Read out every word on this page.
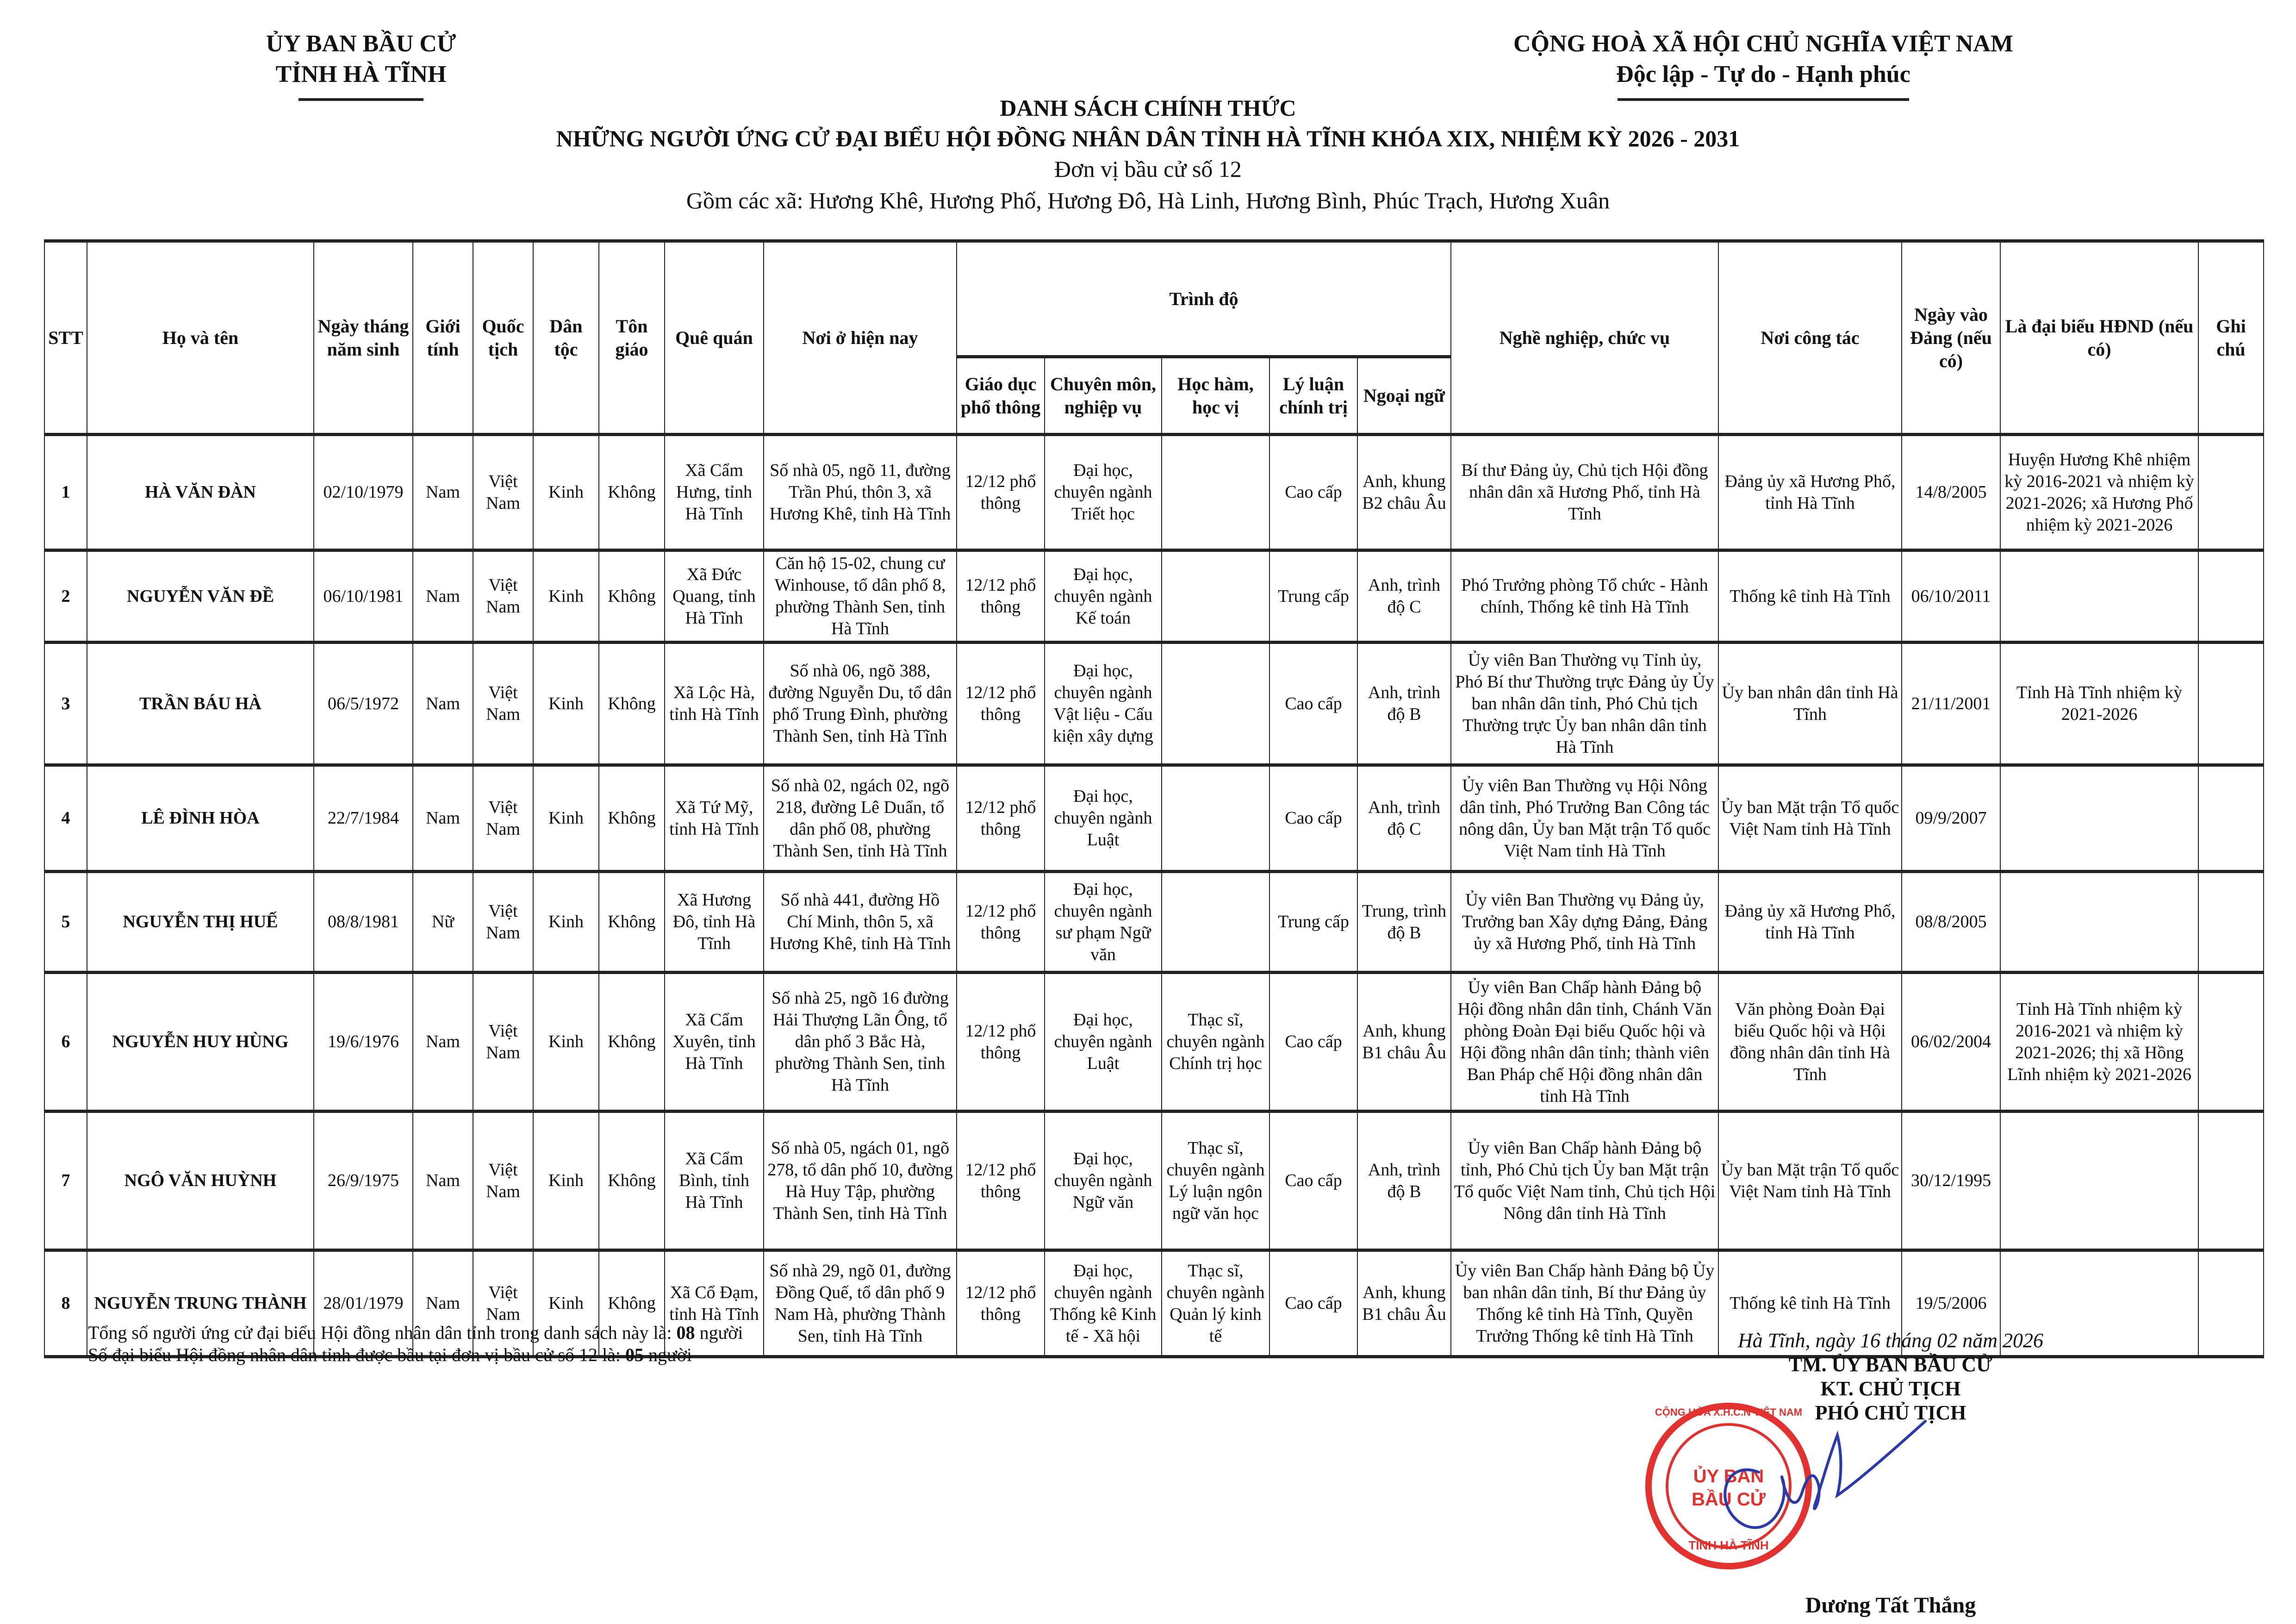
ỦY BAN BẦU CỬ
TỈNH HÀ TĨNH
CỘNG HOÀ XÃ HỘI CHỦ NGHĨA VIỆT NAM
Độc lập - Tự do - Hạnh phúc
DANH SÁCH CHÍNH THỨC
NHỮNG NGƯỜI ỨNG CỬ ĐẠI BIỂU HỘI ĐỒNG NHÂN DÂN TỈNH HÀ TĨNH KHÓA XIX, NHIỆM KỲ 2026 - 2031
Đơn vị bầu cử số 12
Gồm các xã: Hương Khê, Hương Phố, Hương Đô, Hà Linh, Hương Bình, Phúc Trạch, Hương Xuân
STT	Họ và tên	Ngày tháng năm sinh	Giới tính	Quốc tịch	Dân tộc	Tôn giáo	Quê quán	Nơi ở hiện nay	Trình độ					Nghề nghiệp, chức vụ	Nơi công tác	Ngày vào Đảng (nếu có)	Là đại biểu HĐND (nếu có)	Ghi chú
									Giáo dục phổ thông	Chuyên môn, nghiệp vụ	Học hàm, học vị	Lý luận chính trị	Ngoại ngữ					
1	HÀ VĂN ĐÀN	02/10/1979	Nam	Việt Nam	Kinh	Không	Xã Cẩm Hưng, tỉnh Hà Tĩnh	Số nhà 05, ngõ 11, đường Trần Phú, thôn 3, xã Hương Khê, tỉnh Hà Tĩnh	12/12 phổ thông	Đại học, chuyên ngành Triết học		Cao cấp	Anh, khung B2 châu Âu	Bí thư Đảng ủy, Chủ tịch Hội đồng nhân dân xã Hương Phố, tỉnh Hà Tĩnh	Đảng ủy xã Hương Phố, tỉnh Hà Tĩnh	14/8/2005	Huyện Hương Khê nhiệm kỳ 2016-2021 và nhiệm kỳ 2021-2026; xã Hương Phố nhiệm kỳ 2021-2026	
2	NGUYỄN VĂN ĐỀ	06/10/1981	Nam	Việt Nam	Kinh	Không	Xã Đức Quang, tỉnh Hà Tĩnh	Căn hộ 15-02, chung cư Winhouse, tổ dân phố 8, phường Thành Sen, tỉnh Hà Tĩnh	12/12 phổ thông	Đại học, chuyên ngành Kế toán		Trung cấp	Anh, trình độ C	Phó Trưởng phòng Tổ chức - Hành chính, Thống kê tỉnh Hà Tĩnh	Thống kê tỉnh Hà Tĩnh	06/10/2011		
3	TRẦN BÁU HÀ	06/5/1972	Nam	Việt Nam	Kinh	Không	Xã Lộc Hà, tỉnh Hà Tĩnh	Số nhà 06, ngõ 388, đường Nguyễn Du, tổ dân phố Trung Đình, phường Thành Sen, tỉnh Hà Tĩnh	12/12 phổ thông	Đại học, chuyên ngành Vật liệu - Cấu kiện xây dựng		Cao cấp	Anh, trình độ B	Ủy viên Ban Thường vụ Tỉnh ủy, Phó Bí thư Thường trực Đảng ủy Ủy ban nhân dân tỉnh, Phó Chủ tịch Thường trực Ủy ban nhân dân tỉnh Hà Tĩnh	Ủy ban nhân dân tỉnh Hà Tĩnh	21/11/2001	Tỉnh Hà Tĩnh nhiệm kỳ 2021-2026	
4	LÊ ĐÌNH HÒA	22/7/1984	Nam	Việt Nam	Kinh	Không	Xã Tứ Mỹ, tỉnh Hà Tĩnh	Số nhà 02, ngách 02, ngõ 218, đường Lê Duẩn, tổ dân phố 08, phường Thành Sen, tỉnh Hà Tĩnh	12/12 phổ thông	Đại học, chuyên ngành Luật		Cao cấp	Anh, trình độ C	Ủy viên Ban Thường vụ Hội Nông dân tỉnh, Phó Trưởng Ban Công tác nông dân, Ủy ban Mặt trận Tổ quốc Việt Nam tỉnh Hà Tĩnh	Ủy ban Mặt trận Tổ quốc Việt Nam tỉnh Hà Tĩnh	09/9/2007		
5	NGUYỄN THỊ HUẾ	08/8/1981	Nữ	Việt Nam	Kinh	Không	Xã Hương Đô, tỉnh Hà Tĩnh	Số nhà 441, đường Hồ Chí Minh, thôn 5, xã Hương Khê, tỉnh Hà Tĩnh	12/12 phổ thông	Đại học, chuyên ngành sư phạm Ngữ văn		Trung cấp	Trung, trình độ B	Ủy viên Ban Thường vụ Đảng ủy, Trưởng ban Xây dựng Đảng, Đảng ủy xã Hương Phố, tỉnh Hà Tĩnh	Đảng ủy xã Hương Phố, tỉnh Hà Tĩnh	08/8/2005		
6	NGUYỄN HUY HÙNG	19/6/1976	Nam	Việt Nam	Kinh	Không	Xã Cẩm Xuyên, tỉnh Hà Tĩnh	Số nhà 25, ngõ 16 đường Hải Thượng Lãn Ông, tổ dân phố 3 Bắc Hà, phường Thành Sen, tỉnh Hà Tĩnh	12/12 phổ thông	Đại học, chuyên ngành Luật	Thạc sĩ, chuyên ngành Chính trị học	Cao cấp	Anh, khung B1 châu Âu	Ủy viên Ban Chấp hành Đảng bộ Hội đồng nhân dân tỉnh, Chánh Văn phòng Đoàn Đại biểu Quốc hội và Hội đồng nhân dân tỉnh; thành viên Ban Pháp chế Hội đồng nhân dân tỉnh Hà Tĩnh	Văn phòng Đoàn Đại biểu Quốc hội và Hội đồng nhân dân tỉnh Hà Tĩnh	06/02/2004	Tỉnh Hà Tĩnh nhiệm kỳ 2016-2021 và nhiệm kỳ 2021-2026; thị xã Hồng Lĩnh nhiệm kỳ 2021-2026	
7	NGÔ VĂN HUỲNH	26/9/1975	Nam	Việt Nam	Kinh	Không	Xã Cẩm Bình, tỉnh Hà Tĩnh	Số nhà 05, ngách 01, ngõ 278, tổ dân phố 10, đường Hà Huy Tập, phường Thành Sen, tỉnh Hà Tĩnh	12/12 phổ thông	Đại học, chuyên ngành Ngữ văn	Thạc sĩ, chuyên ngành Lý luận ngôn ngữ văn học	Cao cấp	Anh, trình độ B	Ủy viên Ban Chấp hành Đảng bộ tỉnh, Phó Chủ tịch Ủy ban Mặt trận Tổ quốc Việt Nam tỉnh, Chủ tịch Hội Nông dân tỉnh Hà Tĩnh	Ủy ban Mặt trận Tổ quốc Việt Nam tỉnh Hà Tĩnh	30/12/1995		
8	NGUYỄN TRUNG THÀNH	28/01/1979	Nam	Việt Nam	Kinh	Không	Xã Cổ Đạm, tỉnh Hà Tĩnh	Số nhà 29, ngõ 01, đường Đồng Quế, tổ dân phố 9 Nam Hà, phường Thành Sen, tỉnh Hà Tĩnh	12/12 phổ thông	Đại học, chuyên ngành Thống kê Kinh tế - Xã hội	Thạc sĩ, chuyên ngành Quản lý kinh tế	Cao cấp	Anh, khung B1 châu Âu	Ủy viên Ban Chấp hành Đảng bộ Ủy ban nhân dân tỉnh, Bí thư Đảng ủy Thống kê tỉnh Hà Tĩnh, Quyền Trưởng Thống kê tỉnh Hà Tĩnh	Thống kê tỉnh Hà Tĩnh	19/5/2006		
Tổng số người ứng cử đại biểu Hội đồng nhân dân tỉnh trong danh sách này là: 08 người
Số đại biểu Hội đồng nhân dân tỉnh được bầu tại đơn vị bầu cử số 12 là: 05 người
CỘNG HÒA X.H.C.N VIỆT NAM
ỦY BAN
BẦU CỬ
TỈNH HÀ TĨNH
Hà Tĩnh, ngày 16 tháng 02 năm 2026
TM. ỦY BAN BẦU CỬ
KT. CHỦ TỊCH
PHÓ CHỦ TỊCH
Dương Tất Thắng
